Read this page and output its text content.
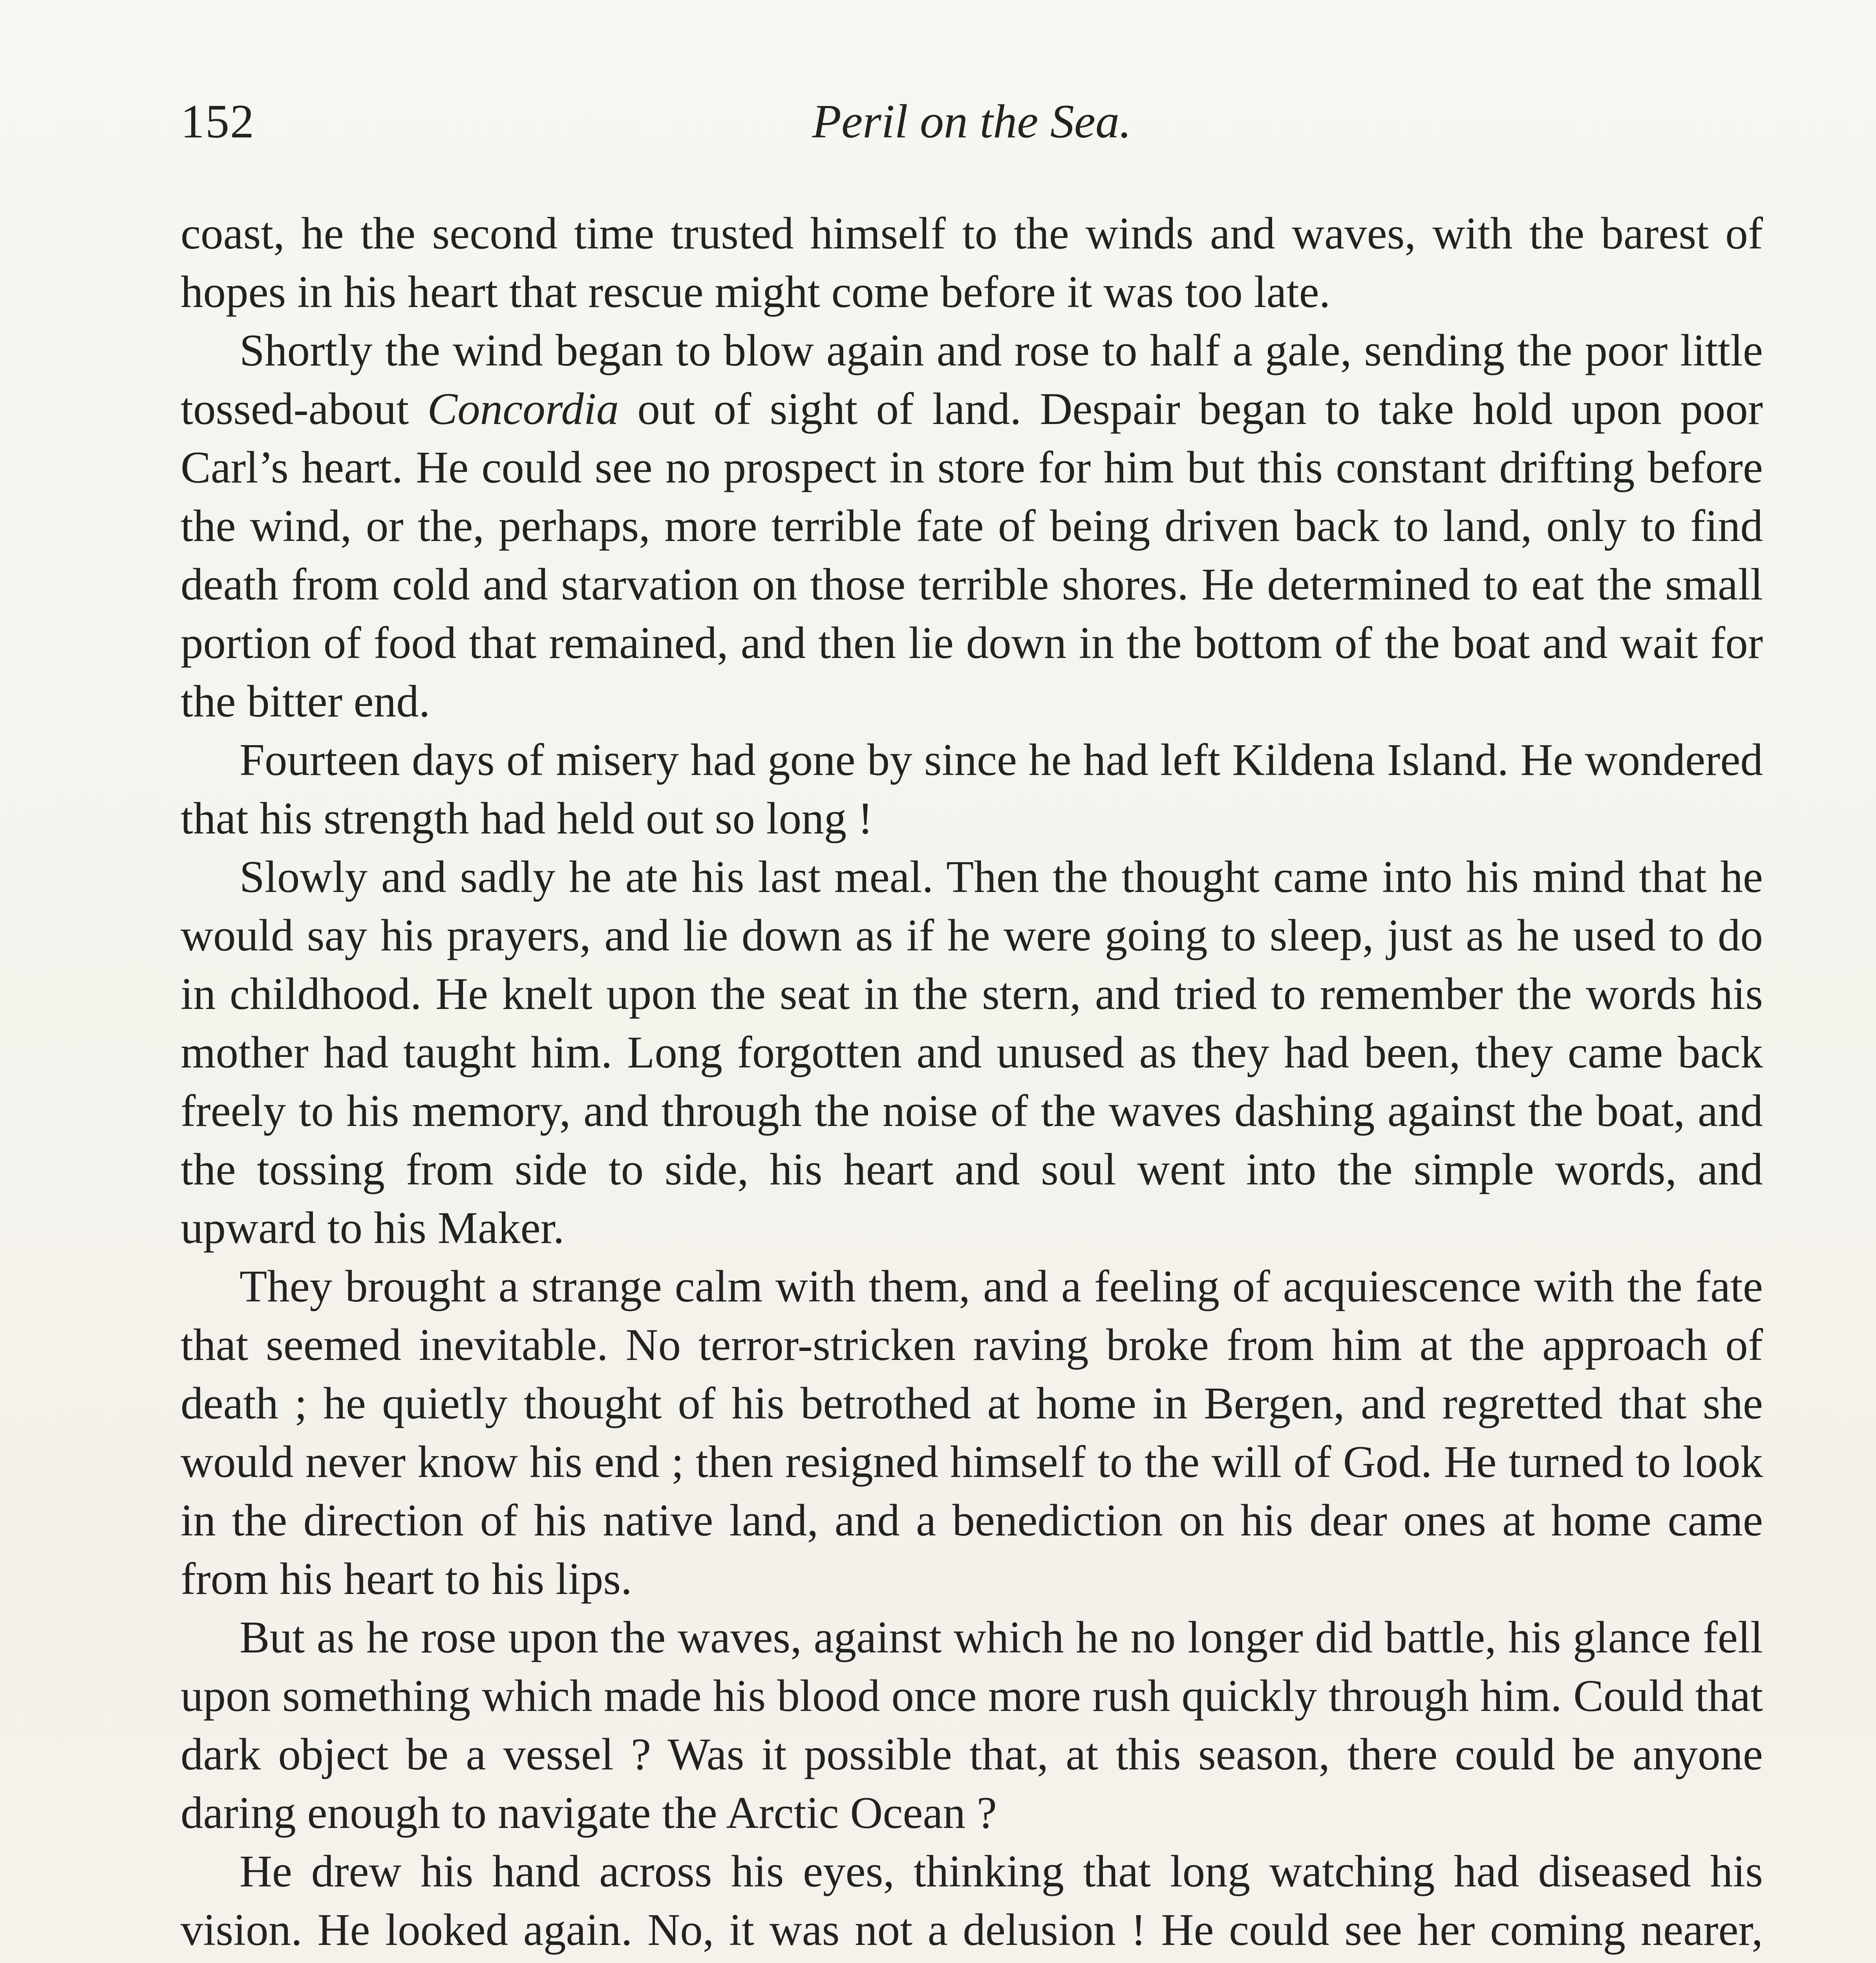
152	Peril on the Sea.

coast, he the second time trusted himself to the winds and waves, with the barest of hopes in his heart that rescue might come before it was too late.

Shortly the wind began to blow again and rose to half a gale, sending the poor little tossed-about Concordia out of sight of land. Despair began to take hold upon poor Carl’s heart. He could see no prospect in store for him but this constant drifting before the wind, or the, perhaps, more terrible fate of being driven back to land, only to find death from cold and starvation on those terrible shores. He determined to eat the small portion of food that remained, and then lie down in the bottom of the boat and wait for the bitter end.

Fourteen days of misery had gone by since he had left Kildena Island. He wondered that his strength had held out so long !

Slowly and sadly he ate his last meal. Then the thought came into his mind that he would say his prayers, and lie down as if he were going to sleep, just as he used to do in childhood. He knelt upon the seat in the stern, and tried to remember the words his mother had taught him. Long forgotten and unused as they had been, they came back freely to his memory, and through the noise of the waves dashing against the boat, and the tossing from side to side, his heart and soul went into the simple words, and upward to his Maker.

They brought a strange calm with them, and a feeling of acquiescence with the fate that seemed inevitable. No terror-stricken raving broke from him at the approach of death ; he quietly thought of his betrothed at home in Bergen, and regretted that she would never know his end ; then resigned himself to the will of God. He turned to look in the direction of his native land, and a benediction on his dear ones at home came from his heart to his lips.

But as he rose upon the waves, against which he no longer did battle, his glance fell upon something which made his blood once more rush quickly through him. Could that dark object be a vessel ? Was it possible that, at this season, there could be anyone daring enough to navigate the Arctic Ocean ?

He drew his hand across his eyes, thinking that long watching had diseased his vision. He looked again. No, it was not a delusion ! He could see her coming nearer,
